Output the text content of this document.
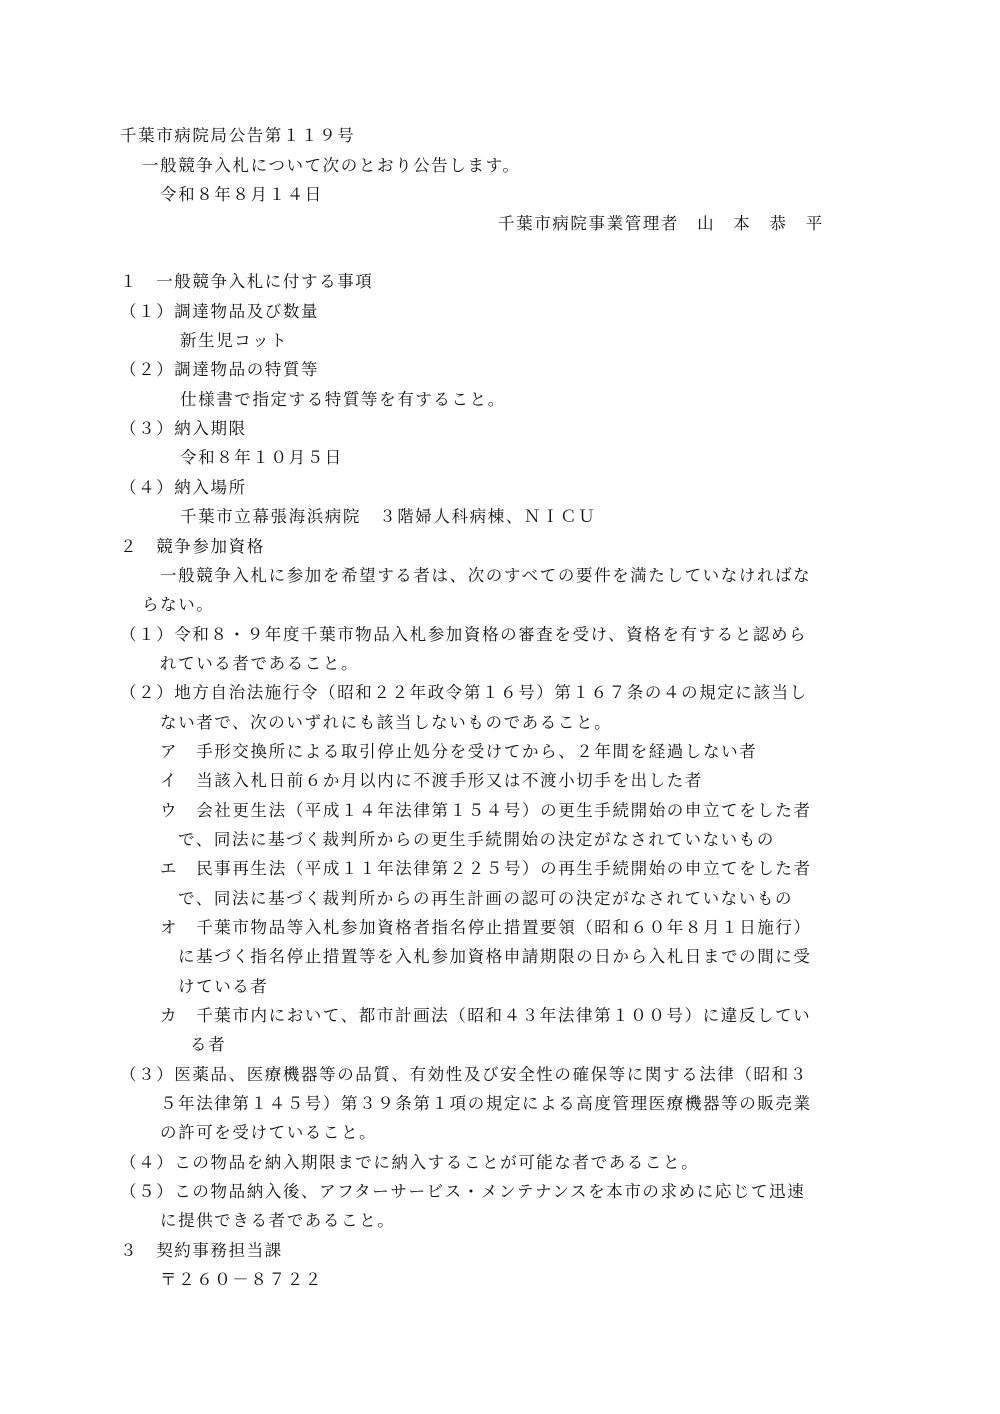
千葉市病院局公告第１１９号
一般競争入札について次のとおり公告します。
令和８年８月１４日
千葉市病院事業管理者　山　本　恭　平
１　一般競争入札に付する事項
（１）調達物品及び数量
新生児コット
（２）調達物品の特質等
仕様書で指定する特質等を有すること。
（３）納入期限
令和８年１０月５日
（４）納入場所
千葉市立幕張海浜病院　３階婦人科病棟、ＮＩＣＵ
２　競争参加資格
一般競争入札に参加を希望する者は、次のすべての要件を満たしていなければな
らない。
（１）令和８・９年度千葉市物品入札参加資格の審査を受け、資格を有すると認めら
れている者であること。
（２）地方自治法施行令（昭和２２年政令第１６号）第１６７条の４の規定に該当し
ない者で、次のいずれにも該当しないものであること。
ア　手形交換所による取引停止処分を受けてから、２年間を経過しない者
イ　当該入札日前６か月以内に不渡手形又は不渡小切手を出した者
ウ　会社更生法（平成１４年法律第１５４号）の更生手続開始の申立てをした者
で、同法に基づく裁判所からの更生手続開始の決定がなされていないもの
エ　民事再生法（平成１１年法律第２２５号）の再生手続開始の申立てをした者
で、同法に基づく裁判所からの再生計画の認可の決定がなされていないもの
オ　千葉市物品等入札参加資格者指名停止措置要領（昭和６０年８月１日施行）
に基づく指名停止措置等を入札参加資格申請期限の日から入札日までの間に受
けている者
カ　千葉市内において、都市計画法（昭和４３年法律第１００号）に違反してい
る者
（３）医薬品、医療機器等の品質、有効性及び安全性の確保等に関する法律（昭和３
５年法律第１４５号）第３９条第１項の規定による高度管理医療機器等の販売業
の許可を受けていること。
（４）この物品を納入期限までに納入することが可能な者であること。
（５）この物品納入後、アフターサービス・メンテナンスを本市の求めに応じて迅速
に提供できる者であること。
３　契約事務担当課
〒２６０－８７２２
